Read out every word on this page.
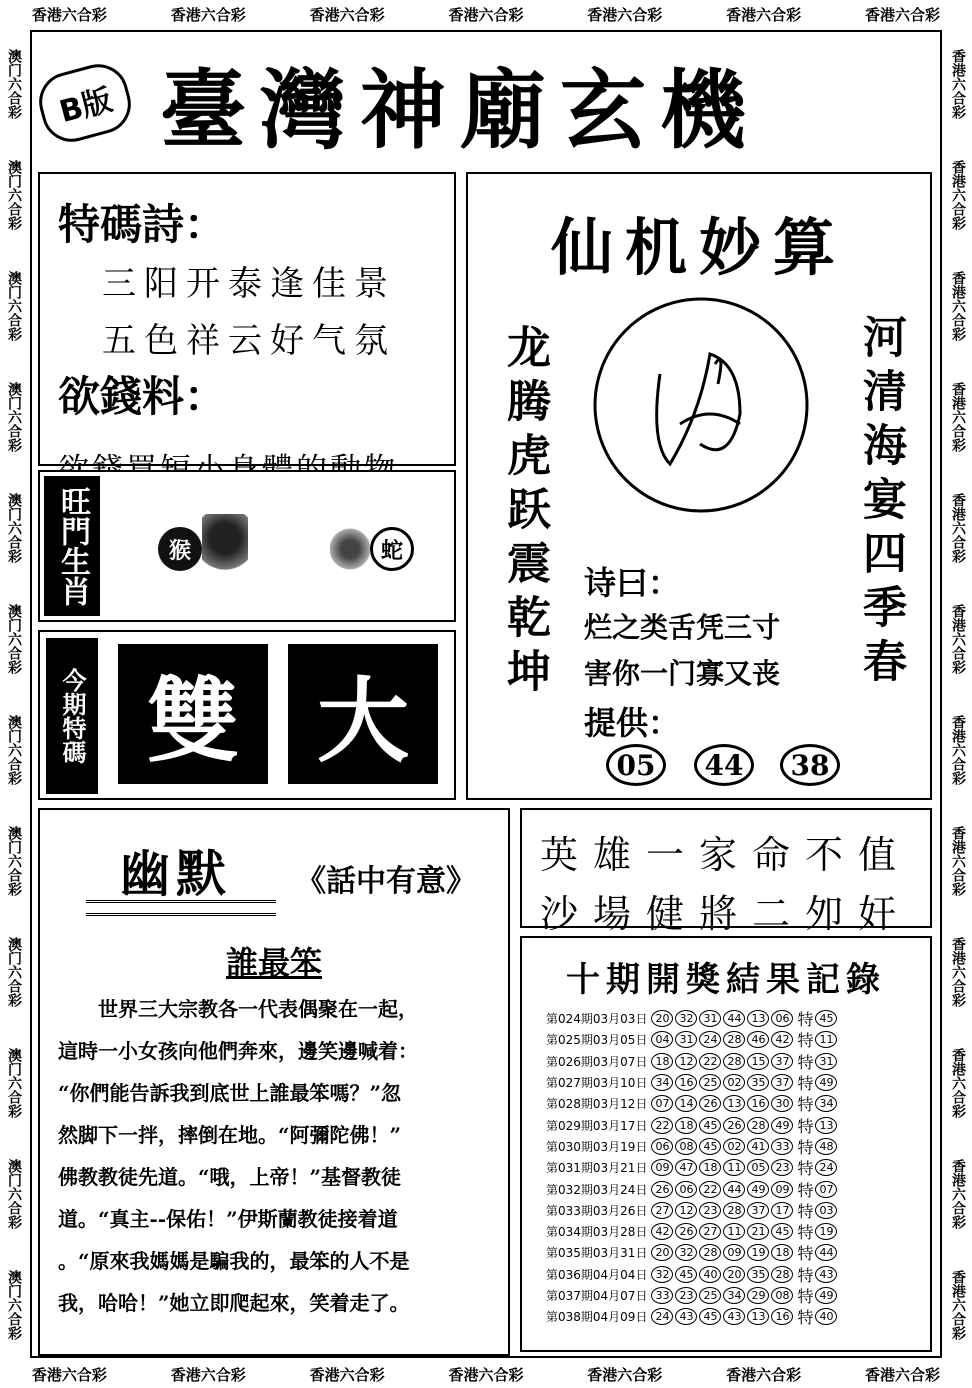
香港六合彩	香港六合彩	香港六合彩	香港六合彩	香港六合彩	香港六合彩	香港六合彩
香港六合彩	香港六合彩	香港六合彩	香港六合彩	香港六合彩	香港六合彩	香港六合彩
澳门六合彩
澳门六合彩
澳门六合彩
澳门六合彩
澳门六合彩
澳门六合彩
澳门六合彩
澳门六合彩
澳门六合彩
澳门六合彩
澳门六合彩
澳门六合彩
香港六合彩
香港六合彩
香港六合彩
香港六合彩
香港六合彩
香港六合彩
香港六合彩
香港六合彩
香港六合彩
香港六合彩
香港六合彩
香港六合彩
B版 臺灣神廟玄機
特碼詩：
三阳开泰逢佳景
五色祥云好气氛
欲錢料：
旺門生肖	猴	蛇
今期特碼 雙 大
仙机妙算
龙腾虎跃震乾坤	河清海宴四季春
诗曰：
烂之类舌凭三寸
害你一门寡又丧
提供：
05	44	38
幽默 《話中有意》
誰最笨

世界三大宗教各一代表偶聚在一起，

這時一小女孩向他們奔來，邊笑邊喊着：

“你們能告訴我到底世上誰最笨嗎？”忽

然脚下一拌，摔倒在地。“阿彌陀佛！”

佛教教徒先道。“哦，上帝！”基督教徒

道。“真主--保佑！”伊斯蘭教徒接着道

。“原來我媽媽是騙我的，最笨的人不是

我，哈哈！”她立即爬起來，笑着走了。

英雄一家命不值
沙場健將二夘奸
十期開獎結果記錄
第024期03月03日 20 32 31 44 13 06 特 45
第025期03月05日 04 31 24 28 46 42 特 11
第026期03月07日 18 12 22 28 15 37 特 31
第027期03月10日 34 16 25 02 35 37 特 49
第028期03月12日 07 14 26 13 16 30 特 34
第029期03月17日 22 18 45 26 28 49 特 13
第030期03月19日 06 08 45 02 41 33 特 48
第031期03月21日 09 47 18 11 05 23 特 24
第032期03月24日 26 06 22 44 49 09 特 07
第033期03月26日 27 12 23 28 37 17 特 03
第034期03月28日 42 26 27 11 21 45 特 19
第035期03月31日 20 32 28 09 19 18 特 44
第036期04月04日 32 45 40 20 35 28 特 43
第037期04月07日 33 23 25 34 29 08 特 49
第038期04月09日 24 43 45 43 13 16 特 40
